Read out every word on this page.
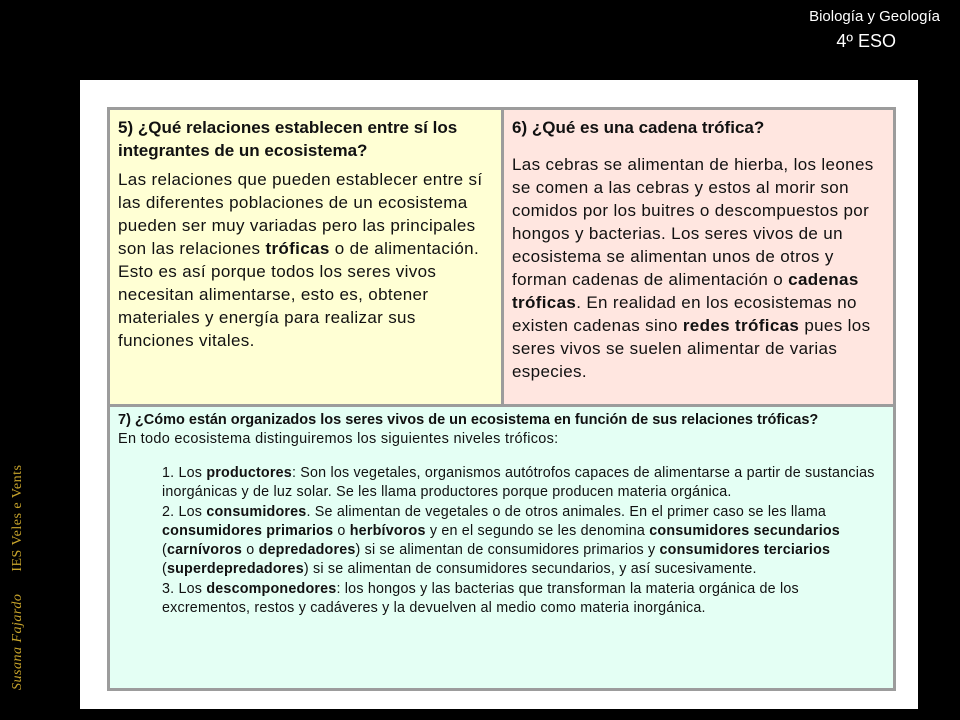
Biología y Geología
4º ESO
Susana Fajardo
IES Veles e Vents
5) ¿Qué relaciones establecen entre sí los integrantes de un ecosistema?
Las relaciones que pueden establecer entre sí las diferentes poblaciones de un ecosistema pueden ser muy variadas pero las principales son las relaciones tróficas o de alimentación. Esto es así porque todos los seres vivos necesitan alimentarse, esto es, obtener materiales y energía para realizar sus funciones vitales.
6) ¿Qué es una cadena trófica?
Las cebras se alimentan de hierba, los leones se comen a las cebras y estos al morir son comidos por los buitres o descompuestos por hongos y bacterias. Los seres vivos de un ecosistema se alimentan unos de otros y forman cadenas de alimentación o cadenas tróficas. En realidad en los ecosistemas no existen cadenas sino redes tróficas pues los seres vivos se suelen alimentar de varias especies.
7) ¿Cómo están organizados los seres vivos de un ecosistema en función de sus relaciones tróficas?
En todo ecosistema distinguiremos los siguientes niveles tróficos:
1. Los productores: Son los vegetales, organismos autótrofos capaces de alimentarse a partir de sustancias inorgánicas y de luz solar. Se les llama productores porque producen materia orgánica.
2. Los consumidores. Se alimentan de vegetales o de otros animales. En el primer caso se les llama consumidores primarios o herbívoros y en el segundo se les denomina consumidores secundarios (carnívoros o depredadores) si se alimentan de consumidores primarios y consumidores terciarios (superdepredadores) si se alimentan de consumidores secundarios, y así sucesivamente.
3. Los descomponedores: los hongos y las bacterias que transforman la materia orgánica de los excrementos, restos y cadáveres y la devuelven al medio como materia inorgánica.
